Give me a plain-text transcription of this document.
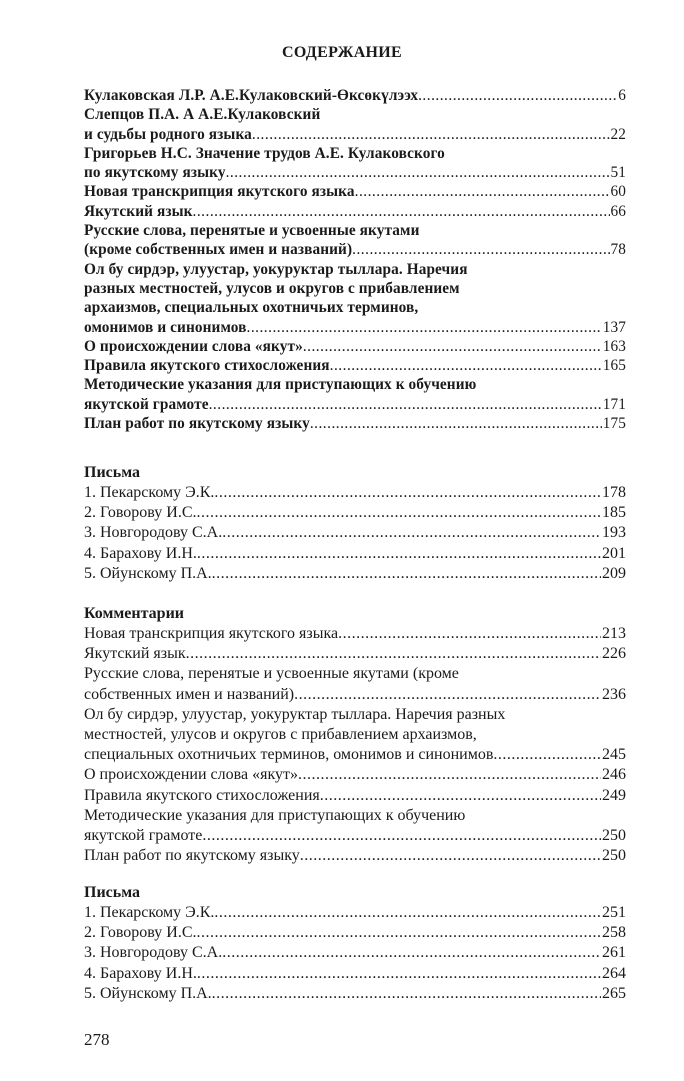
СОДЕРЖАНИЕ
Кулаковская Л.Р. А.Е.Кулаковский-Өксөкүлээх .....	6
Слепцов П.А. А А.Е.Кулаковский
и судьбы родного языка .....	22
Григорьев Н.С. Значение трудов А.Е. Кулаковского
по якутскому языку .....	51
Новая транскрипция якутского языка .....	60
Якутский язык .....	66
Русские слова, перенятые и усвоенные якутами
(кроме собственных имен и названий) .....	78
Ол бу сирдэр, улуустар, уокуруктар тыллара. Наречия
разных местностей, улусов и округов с прибавлением
архаизмов, специальных охотничьих терминов,
омонимов и синонимов .....	137
О происхождении слова «якут» .....	163
Правила якутского стихосложения .....	165
Методические указания для приступающих к обучению
якутской грамоте .....	171
План работ по якутскому языку .....	175
Письма
1. Пекарскому Э.К. .....	178
2. Говорову И.С. .....	185
3. Новгородову С.А. .....	193
4. Барахову И.Н. .....	201
5. Ойунскому П.А. .....	209
Комментарии
Новая транскрипция якутского языка .....	213
Якутский язык .....	226
Русские слова, перенятые и усвоенные якутами (кроме
собственных имен и названий) .....	236
Ол бу сирдэр, улуустар, уокуруктар тыллара. Наречия разных
местностей, улусов и округов с прибавлением архаизмов,
специальных охотничьих терминов, омонимов и синонимов .....	245
О происхождении слова «якут» .....	246
Правила якутского стихосложения .....	249
Методические указания для приступающих к обучению
якутской грамоте .....	250
План работ по якутскому языку .....	250
Письма
1. Пекарскому Э.К. .....	251
2. Говорову И.С. .....	258
3. Новгородову С.А. .....	261
4. Барахову И.Н. .....	264
5. Ойунскому П.А. .....	265
278
